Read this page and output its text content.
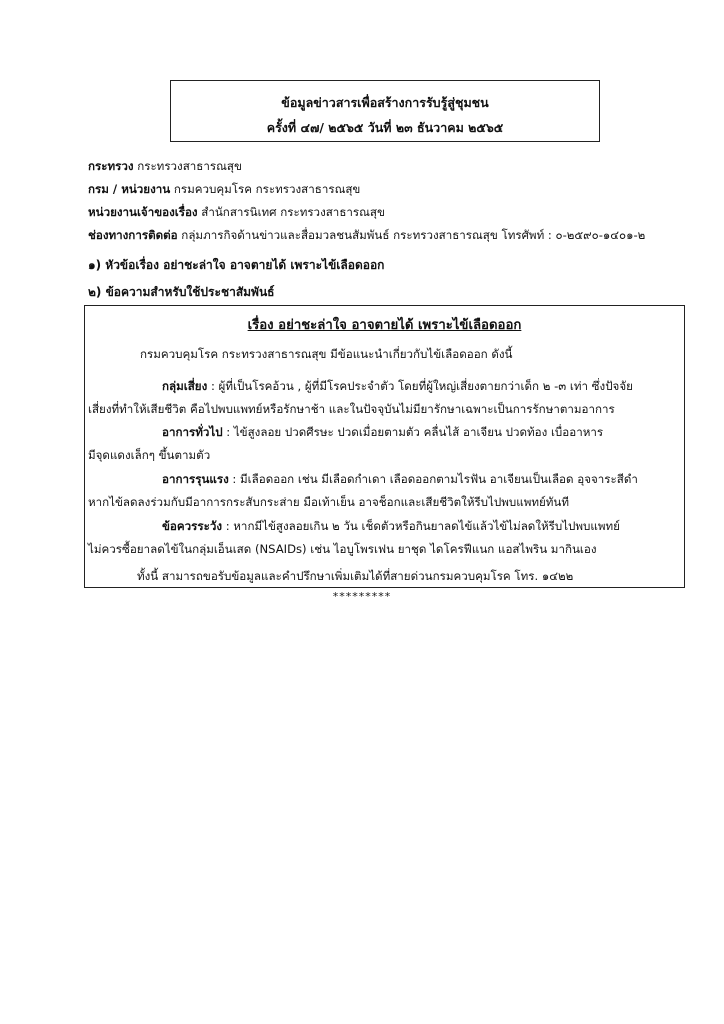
ข้อมูลข่าวสารเพื่อสร้างการรับรู้สู่ชุมชน
ครั้งที่ ๔๗/ ๒๕๖๕ วันที่ ๒๓ ธันวาคม ๒๕๖๕
กระทรวง กระทรวงสาธารณสุข
กรม / หน่วยงาน กรมควบคุมโรค กระทรวงสาธารณสุข
หน่วยงานเจ้าของเรื่อง สำนักสารนิเทศ กระทรวงสาธารณสุข
ช่องทางการติดต่อ กลุ่มภารกิจด้านข่าวและสื่อมวลชนสัมพันธ์ กระทรวงสาธารณสุข โทรศัพท์ : ๐-๒๕๙๐-๑๔๐๑-๒
๑) หัวข้อเรื่อง อย่าชะล่าใจ อาจตายได้ เพราะไข้เลือดออก
๒) ข้อความสำหรับใช้ประชาสัมพันธ์
เรื่อง อย่าชะล่าใจ อาจตายได้ เพราะไข้เลือดออก
กรมควบคุมโรค กระทรวงสาธารณสุข มีข้อแนะนำเกี่ยวกับไข้เลือดออก ดังนี้
กลุ่มเสี่ยง : ผู้ที่เป็นโรคอ้วน , ผู้ที่มีโรคประจำตัว โดยที่ผู้ใหญ่เสี่ยงตายกว่าเด็ก ๒ -๓ เท่า ซึ่งปัจจัย
เสี่ยงที่ทำให้เสียชีวิต คือไปพบแพทย์หรือรักษาช้า และในปัจจุบันไม่มียารักษาเฉพาะเป็นการรักษาตามอาการ
อาการทั่วไป : ไข้สูงลอย ปวดศีรษะ ปวดเมื่อยตามตัว คลื่นไส้ อาเจียน ปวดท้อง เบื่ออาหาร
มีจุดแดงเล็กๆ ขึ้นตามตัว
อาการรุนแรง : มีเลือดออก เช่น มีเลือดกำเดา เลือดออกตามไรฟัน อาเจียนเป็นเลือด อุจจาระสีดำ
หากไข้ลดลงร่วมกับมีอาการกระสับกระส่าย มือเท้าเย็น อาจช็อกและเสียชีวิตให้รีบไปพบแพทย์ทันที
ข้อควรระวัง : หากมีไข้สูงลอยเกิน ๒ วัน เช็ดตัวหรือกินยาลดไข้แล้วไข้ไม่ลดให้รีบไปพบแพทย์
ไม่ควรซื้อยาลดไข้ในกลุ่มเอ็นเสด (NSAIDs) เช่น ไอบูโพรเฟน ยาชุด ไดโครฟีแนก แอสไพริน มากินเอง
ทั้งนี้ สามารถขอรับข้อมูลและคำปรึกษาเพิ่มเติมได้ที่สายด่วนกรมควบคุมโรค โทร. ๑๔๒๒
*********
